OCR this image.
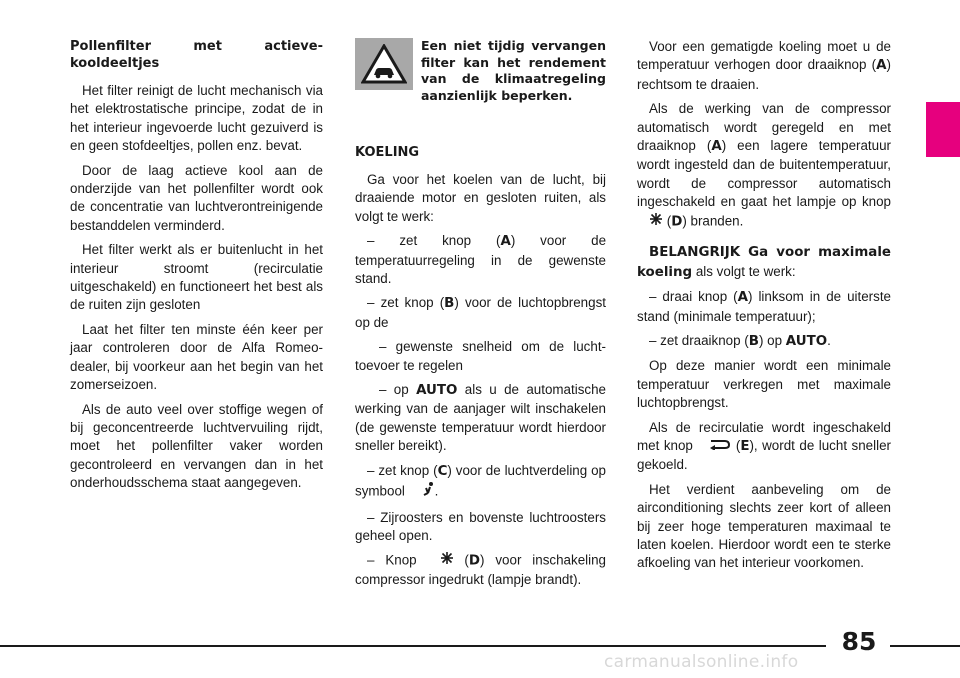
Pollenfilter met actieve-kooldeeltjes

Het filter reinigt de lucht mechanisch via het elektrostatische principe, zodat de in het interieur ingevoerde lucht gezuiverd is en geen stofdeeltjes, pollen enz. bevat.

Door de laag actieve kool aan de onderzijde van het pollenfilter wordt ook de concentratie van luchtverontreinigende bestanddelen verminderd.

Het filter werkt als er buitenlucht in het interieur stroomt (recirculatie uitgeschakeld) en functioneert het best als de ruiten zijn gesloten

Laat het filter ten minste één keer per jaar controleren door de Alfa Romeo-dealer, bij voorkeur aan het begin van het zomerseizoen.

Als de auto veel over stoffige wegen of bij geconcentreerde luchtvervuiling rijdt, moet het pollenfilter vaker worden gecontroleerd en vervangen dan in het onderhoudsschema staat aangegeven.

Een niet tijdig vervangen filter kan het rendement van de klimaatregeling aanzienlijk beperken.
KOELING

Ga voor het koelen van de lucht, bij draaiende motor en gesloten ruiten, als volgt te werk:

– zet knop (A) voor de temperatuurregeling in de gewenste stand.

– zet knop (B) voor de luchtopbrengst op de

– gewenste snelheid om de lucht-toevoer te regelen

– op AUTO als u de automatische werking van de aanjager wilt inschakelen (de gewenste temperatuur wordt hierdoor sneller bereikt).

– zet knop (C) voor de luchtverdeling op symbool .

– Zijroosters en bovenste luchtroosters geheel open.

– Knop  (D) voor inschakeling compressor ingedrukt (lampje brandt).

Voor een gematigde koeling moet u de temperatuur verhogen door draaiknop (A) rechtsom te draaien.

Als de werking van de compressor automatisch wordt geregeld en met draaiknop (A) een lagere temperatuur wordt ingesteld dan de buitentemperatuur, wordt de compressor automatisch ingeschakeld en gaat het lampje op knop  (D) branden.

BELANGRIJK Ga voor maximale koeling als volgt te werk:

– draai knop (A) linksom in de uiterste stand (minimale temperatuur);

– zet draaiknop (B) op AUTO.

Op deze manier wordt een minimale temperatuur verkregen met maximale luchtopbrengst.

Als de recirculatie wordt ingeschakeld met knop	(E), wordt de lucht sneller gekoeld.

Het verdient aanbeveling om de airconditioning slechts zeer kort of alleen bij zeer hoge temperaturen maximaal te laten koelen. Hierdoor wordt een te sterke afkoeling van het interieur voorkomen.

85
carmanualsonline.info
